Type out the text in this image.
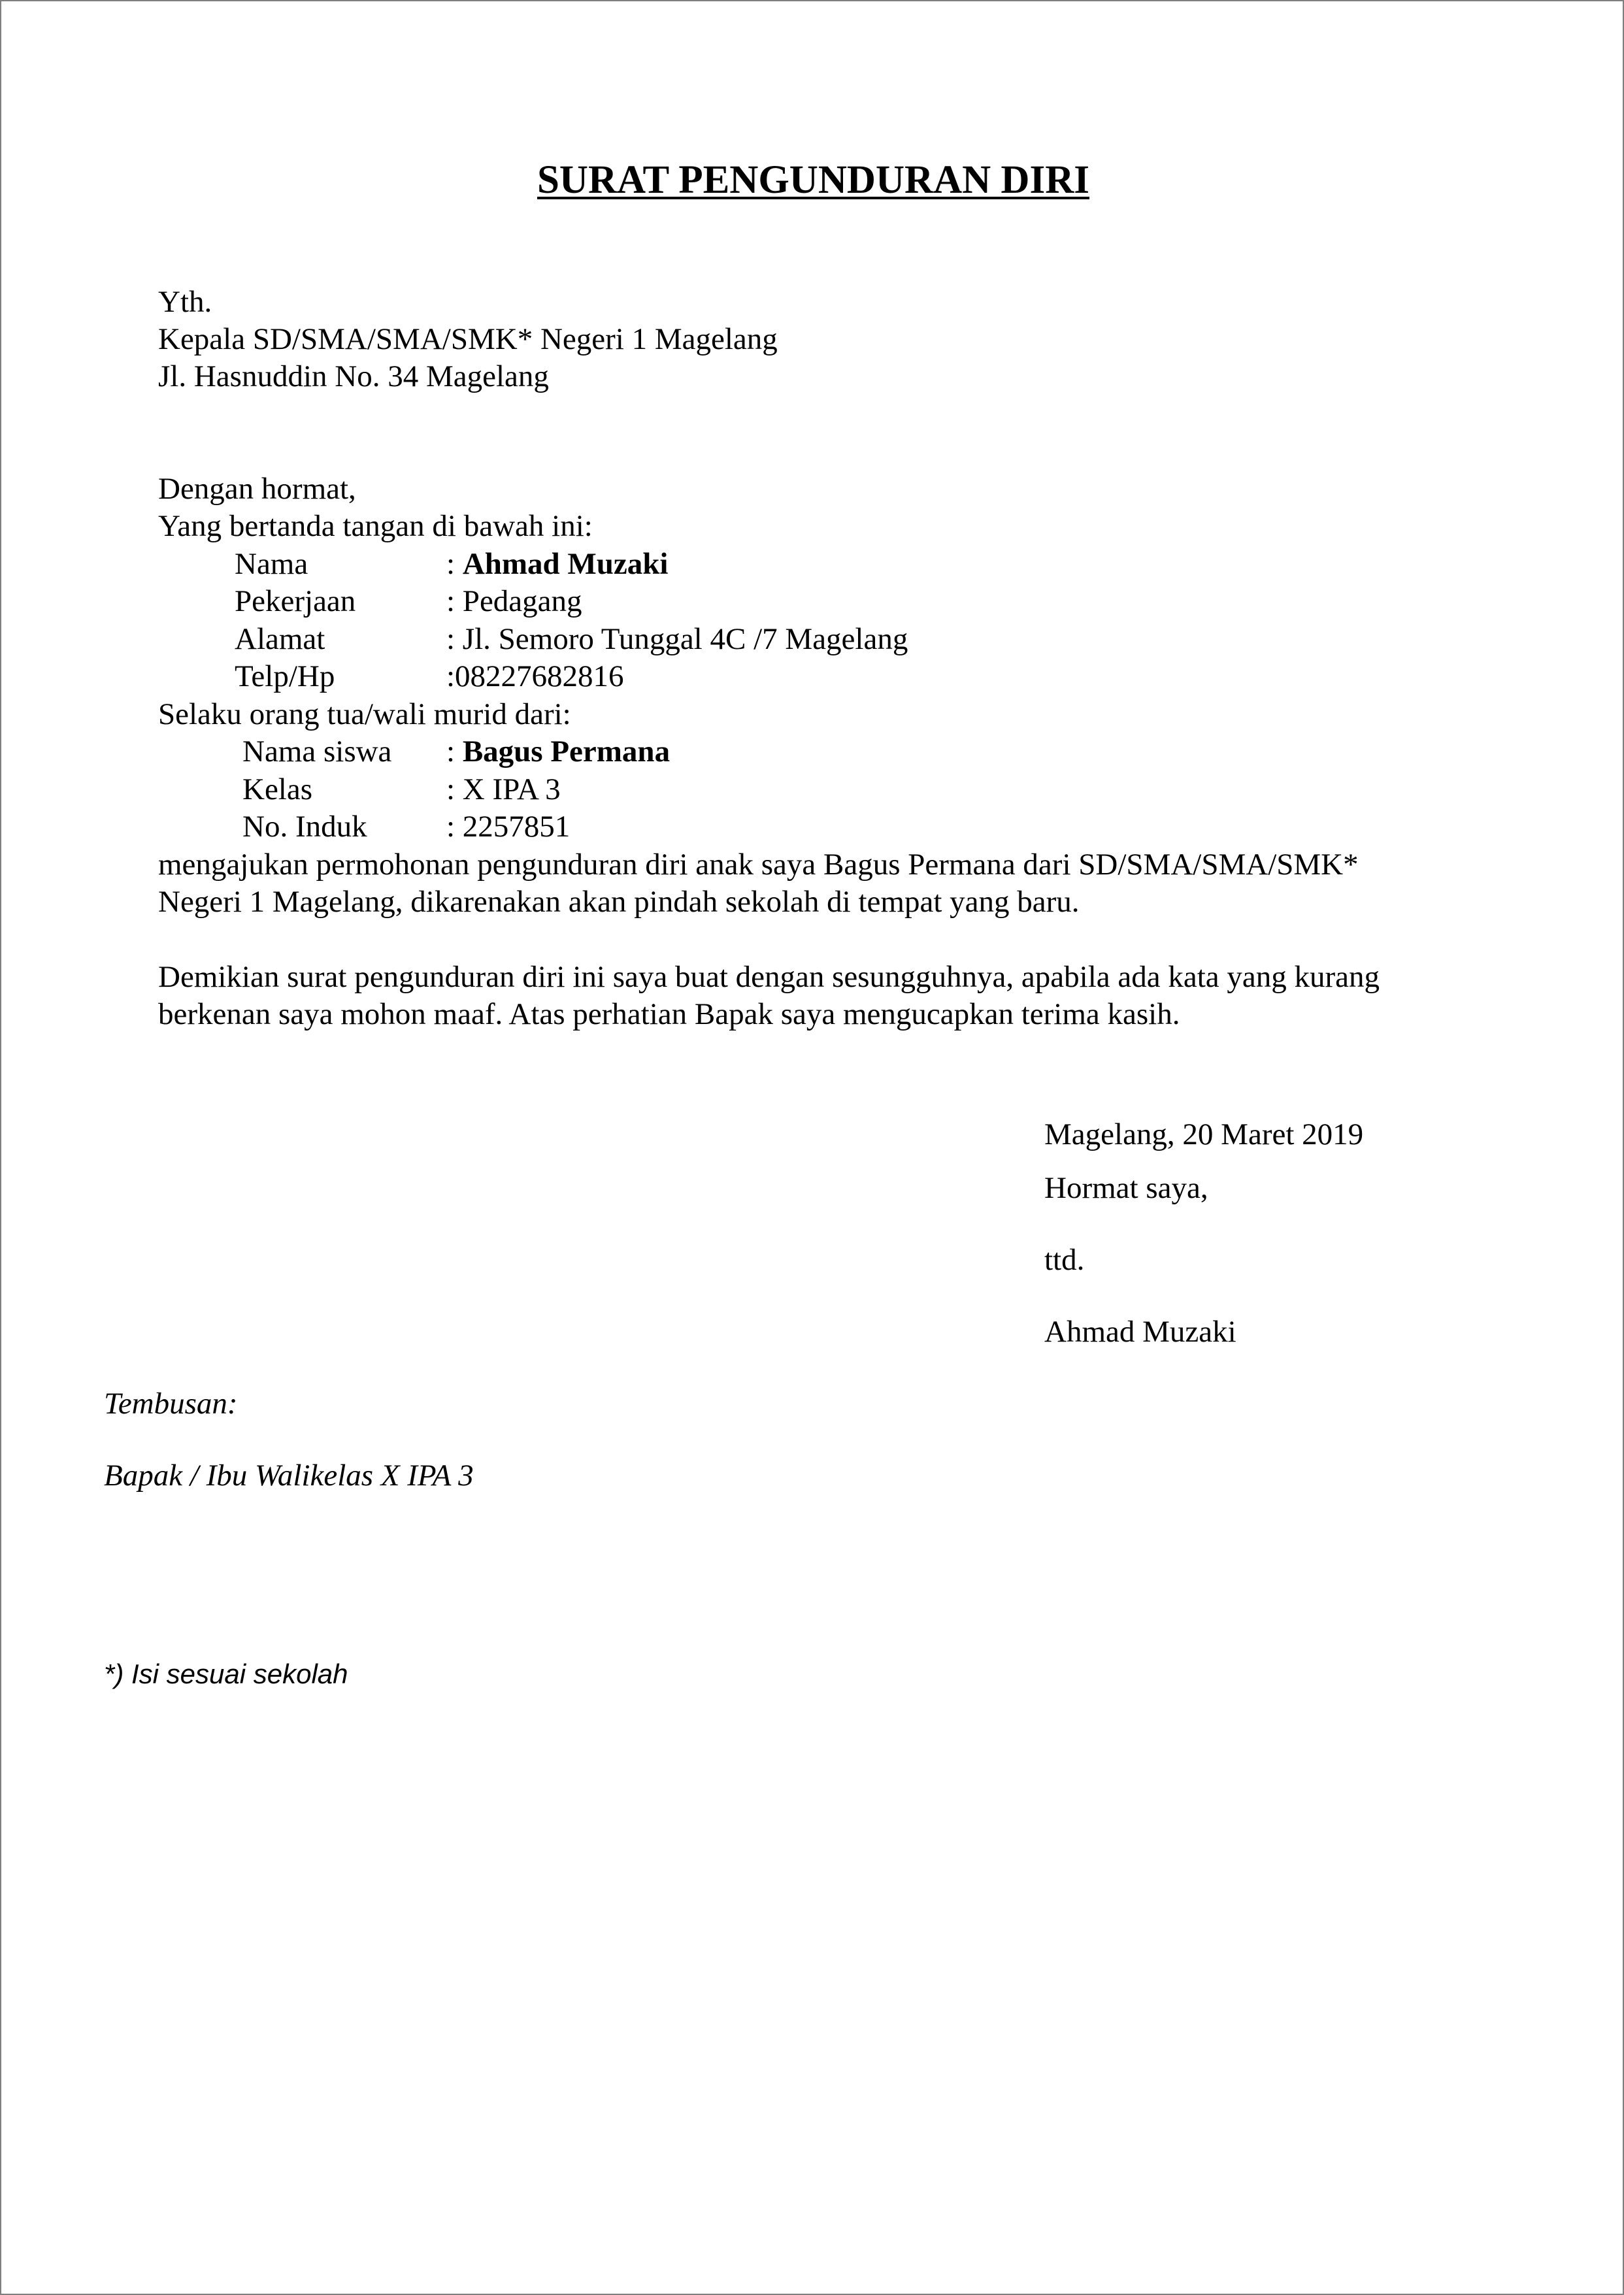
SURAT PENGUNDURAN DIRI
Yth.
Kepala SD/SMA/SMA/SMK* Negeri 1 Magelang
Jl. Hasnuddin No. 34 Magelang
Dengan hormat,
Yang bertanda tangan di bawah ini:
Nama	: Ahmad Muzaki
Pekerjaan	: Pedagang
Alamat	: Jl. Semoro Tunggal 4C /7 Magelang
Telp/Hp	:08227682816
Selaku orang tua/wali murid dari:
Nama siswa : Bagus Permana
Kelas	: X IPA 3
No. Induk	: 2257851
mengajukan permohonan pengunduran diri anak saya Bagus Permana dari SD/SMA/SMA/SMK*
Negeri 1 Magelang, dikarenakan akan pindah sekolah di tempat yang baru.
Demikian surat pengunduran diri ini saya buat dengan sesungguhnya, apabila ada kata yang kurang
berkenan saya mohon maaf. Atas perhatian Bapak saya mengucapkan terima kasih.
Magelang, 20 Maret 2019
Hormat saya,
ttd.
Ahmad Muzaki
Tembusan:
Bapak / Ibu Walikelas X IPA 3
*) Isi sesuai sekolah
